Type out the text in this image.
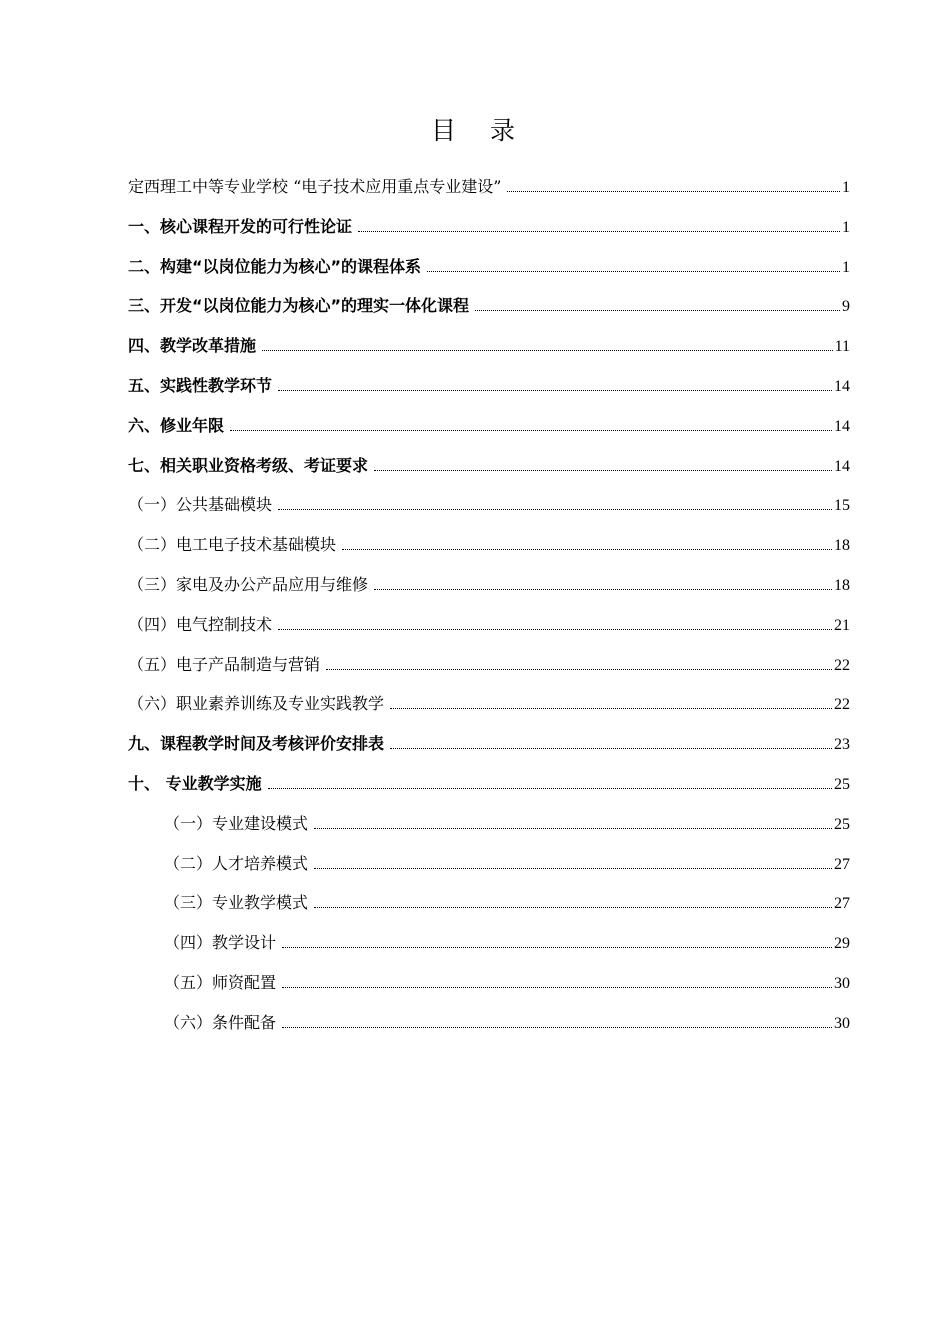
目录
定西理工中等专业学校 “电子技术应用重点专业建设”	1
一、核心课程开发的可行性论证	1
二、构建“以岗位能力为核心”的课程体系	1
三、开发“以岗位能力为核心”的理实一体化课程	9
四、教学改革措施	11
五、实践性教学环节	14
六、修业年限	14
七、相关职业资格考级、考证要求	14
（一）公共基础模块	15
（二）电工电子技术基础模块	18
（三）家电及办公产品应用与维修	18
（四）电气控制技术	21
（五）电子产品制造与营销	22
（六）职业素养训练及专业实践教学	22
九、课程教学时间及考核评价安排表	23
十、 专业教学实施	25
（一）专业建设模式	25
（二）人才培养模式	27
（三）专业教学模式	27
（四）教学设计	29
（五）师资配置	30
（六）条件配备	30
